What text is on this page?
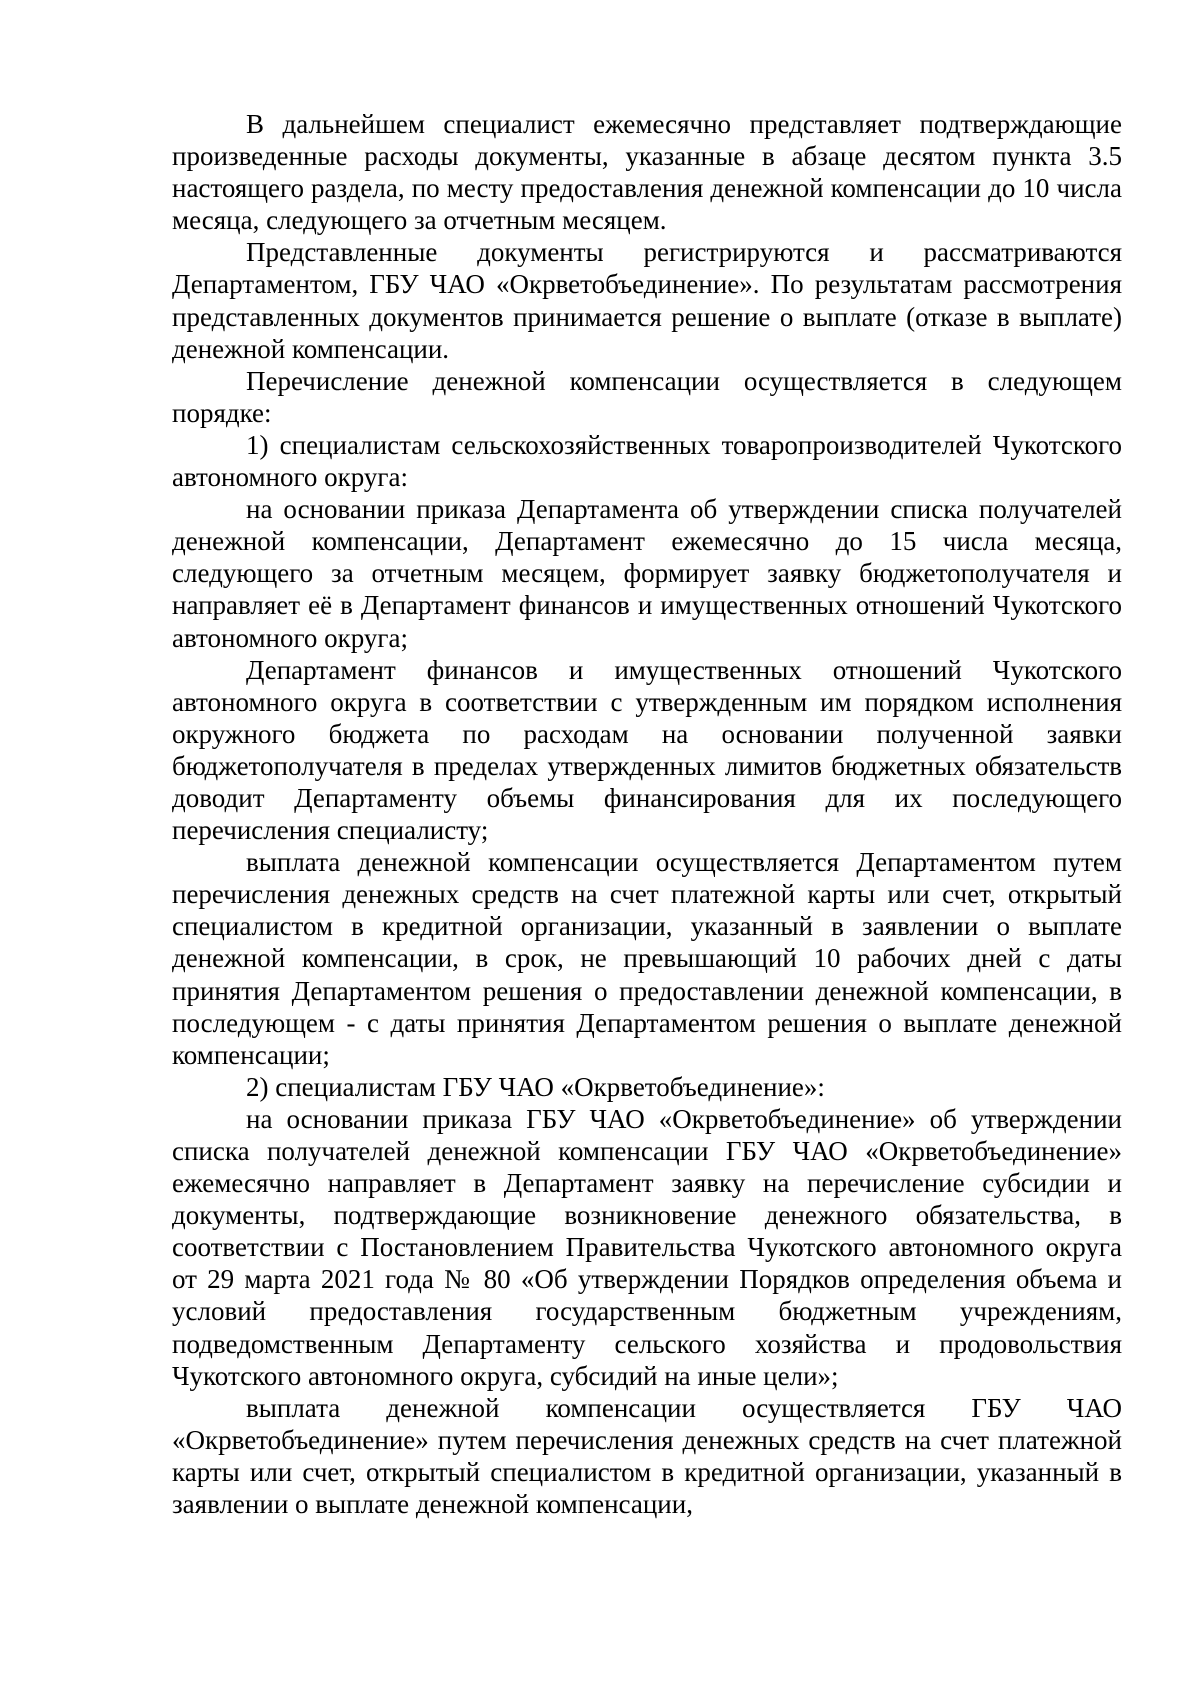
В дальнейшем специалист ежемесячно представляет подтверждающие произведенные расходы документы, указанные в абзаце десятом пункта 3.5 настоящего раздела, по месту предоставления денежной компенсации до 10 числа месяца, следующего за отчетным месяцем.

Представленные документы регистрируются и рассматриваются Департаментом, ГБУ ЧАО «Окрветобъединение». По результатам рассмотрения представленных документов принимается решение о выплате (отказе в выплате) денежной компенсации.

Перечисление денежной компенсации осуществляется в следующем порядке:

1) специалистам сельскохозяйственных товаропроизводителей Чукотского автономного округа:

на основании приказа Департамента об утверждении списка получателей денежной компенсации, Департамент ежемесячно до 15 числа месяца, следующего за отчетным месяцем, формирует заявку бюджетополучателя и направляет её в Департамент финансов и имущественных отношений Чукотского автономного округа;

Департамент финансов и имущественных отношений Чукотского автономного округа в соответствии с утвержденным им порядком исполнения окружного бюджета по расходам на основании полученной заявки бюджетополучателя в пределах утвержденных лимитов бюджетных обязательств доводит Департаменту объемы финансирования для их последующего перечисления специалисту;

выплата денежной компенсации осуществляется Департаментом путем перечисления денежных средств на счет платежной карты или счет, открытый специалистом в кредитной организации, указанный в заявлении о выплате денежной компенсации, в срок, не превышающий 10 рабочих дней с даты принятия Департаментом решения о предоставлении денежной компенсации, в последующем - с даты принятия Департаментом решения о выплате денежной компенсации;

2) специалистам ГБУ ЧАО «Окрветобъединение»:

на основании приказа ГБУ ЧАО «Окрветобъединение» об утверждении списка получателей денежной компенсации ГБУ ЧАО «Окрветобъединение» ежемесячно направляет в Департамент заявку на перечисление субсидии и документы, подтверждающие возникновение денежного обязательства, в соответствии с Постановлением Правительства Чукотского автономного округа от 29 марта 2021 года № 80 «Об утверждении Порядков определения объема и условий предоставления государственным бюджетным учреждениям, подведомственным Департаменту сельского хозяйства и продовольствия Чукотского автономного округа, субсидий на иные цели»;

выплата денежной компенсации осуществляется ГБУ ЧАО «Окрветобъединение» путем перечисления денежных средств на счет платежной карты или счет, открытый специалистом в кредитной организации, указанный в заявлении о выплате денежной компенсации,
